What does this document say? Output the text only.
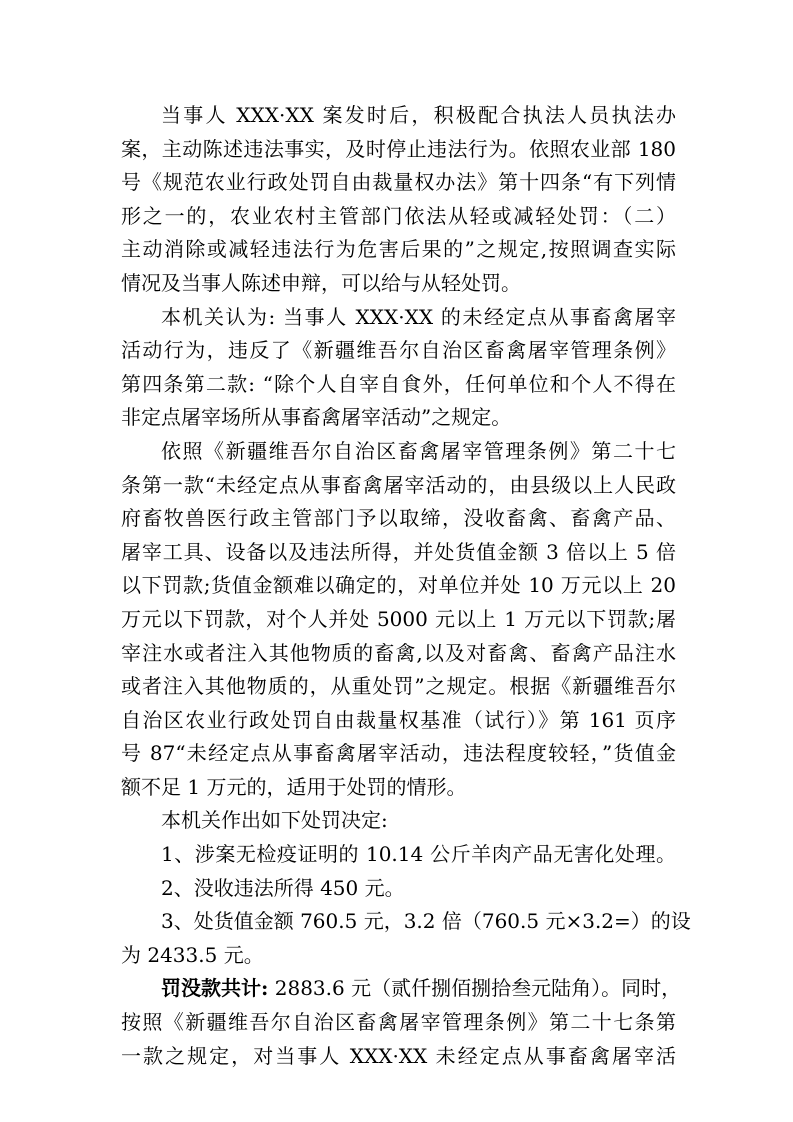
当事人 XXX·XX 案发时后，积极配合执法人员执法办
案，主动陈述违法事实，及时停止违法行为。依照农业部 180
号《规范农业行政处罚自由裁量权办法》第十四条“有下列情
形之一的，农业农村主管部门依法从轻或减轻处罚：（二）
主动消除或减轻违法行为危害后果的”之规定,按照调查实际
情况及当事人陈述申辩，可以给与从轻处罚。
本机关认为: 当事人 XXX·XX 的未经定点从事畜禽屠宰
活动行为，违反了《新疆维吾尔自治区畜禽屠宰管理条例》
第四条第二款: “除个人自宰自食外，任何单位和个人不得在
非定点屠宰场所从事畜禽屠宰活动”之规定。
依照《新疆维吾尔自治区畜禽屠宰管理条例》第二十七
条第一款“未经定点从事畜禽屠宰活动的，由县级以上人民政
府畜牧兽医行政主管部门予以取缔，没收畜禽、畜禽产品、
屠宰工具、设备以及违法所得，并处货值金额 3 倍以上 5 倍
以下罚款;货值金额难以确定的，对单位并处 10 万元以上 20
万元以下罚款，对个人并处 5000 元以上 1 万元以下罚款;屠
宰注水或者注入其他物质的畜禽,以及对畜禽、畜禽产品注水
或者注入其他物质的，从重处罚”之规定。根据《新疆维吾尔
自治区农业行政处罚自由裁量权基准（试行）》第 161 页序
号 87“未经定点从事畜禽屠宰活动，违法程度较轻，”货值金
额不足 1 万元的，适用于处罚的情形。
本机关作出如下处罚决定:
1、涉案无检疫证明的 10.14 公斤羊肉产品无害化处理。
2、没收违法所得 450 元。
3、处货值金额 760.5 元，3.2 倍（760.5 元×3.2=）的设
为 2433.5 元。
罚没款共计: 2883.6 元（贰仟捌佰捌拾叁元陆角）。同时，
按照《新疆维吾尔自治区畜禽屠宰管理条例》第二十七条第
一款之规定，对当事人 XXX·XX 未经定点从事畜禽屠宰活
